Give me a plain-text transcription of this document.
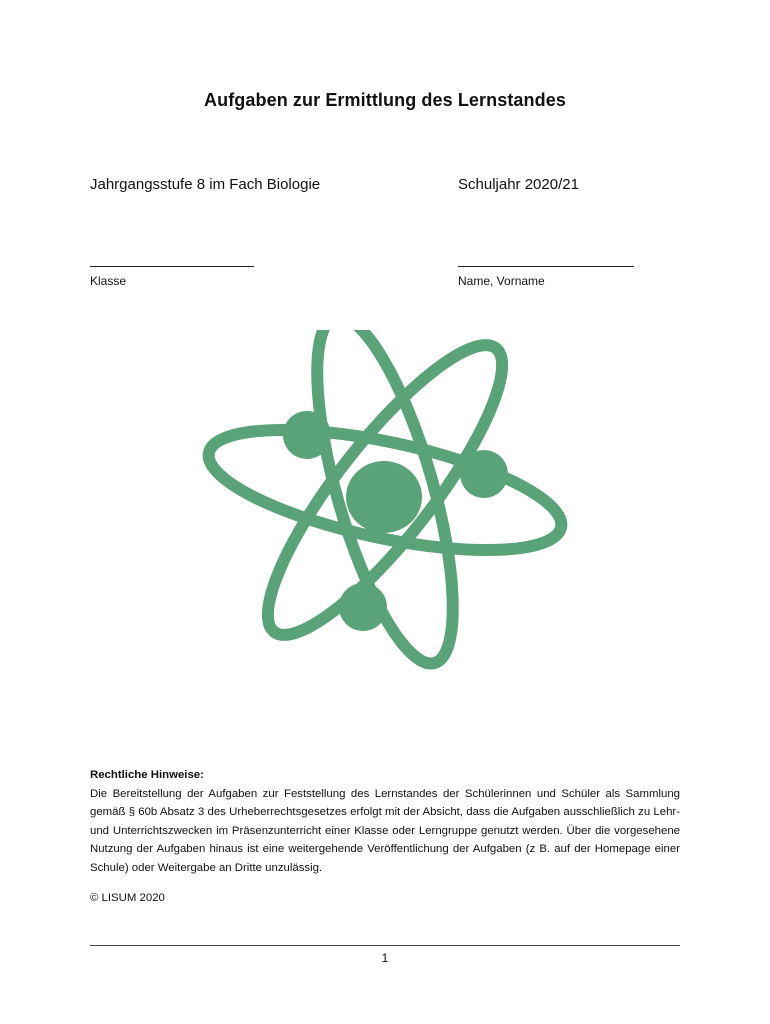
Aufgaben zur Ermittlung des Lernstandes
Jahrgangsstufe 8 im Fach Biologie	Schuljahr 2020/21
Klasse	Name, Vorname
Rechtliche Hinweise:

Die Bereitstellung der Aufgaben zur Feststellung des Lernstandes der Schülerinnen und Schüler als Sammlung gemäß § 60b Absatz 3 des Urheberrechtsgesetzes erfolgt mit der Absicht, dass die Aufgaben ausschließlich zu Lehr- und Unterrichtszwecken im Präsenzunterricht einer Klasse oder Lerngruppe genutzt werden. Über die vorgesehene Nutzung der Aufgaben hinaus ist eine weitergehende Veröffentlichung der Aufgaben (z B. auf der Homepage einer Schule) oder Weitergabe an Dritte unzulässig.

© LISUM 2020
1
